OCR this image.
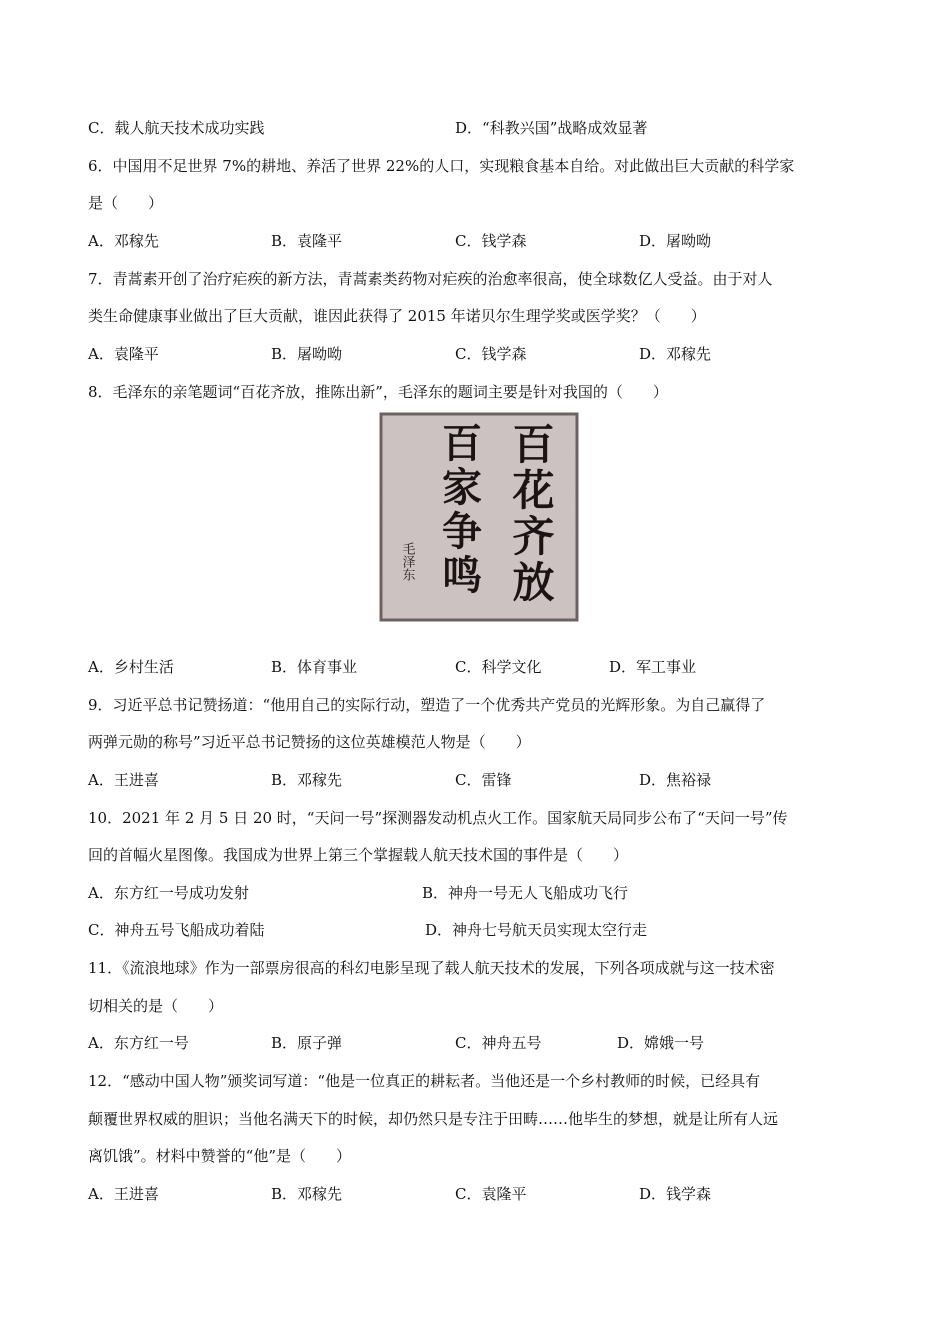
C．载人航天技术成功实践	D．“科教兴国”战略成效显著
6．中国用不足世界 7%的耕地、养活了世界 22%的人口，实现粮食基本自给。对此做出巨大贡献的科学家
是（　　）
A．邓稼先	B．袁隆平	C．钱学森	D．屠呦呦
7．青蒿素开创了治疗疟疾的新方法，青蒿素类药物对疟疾的治愈率很高，使全球数亿人受益。由于对人
类生命健康事业做出了巨大贡献，谁因此获得了 2015 年诺贝尔生理学奖或医学奖？（　　）
A．袁隆平	B．屠呦呦	C．钱学森	D．邓稼先
8．毛泽东的亲笔题词“百花齐放，推陈出新”，毛泽东的题词主要是针对我国的（　　）
百花齐放
百家争鸣
毛泽东
A．乡村生活	B．体育事业	C．科学文化	D．军工事业
9．习近平总书记赞扬道：“他用自己的实际行动，塑造了一个优秀共产党员的光辉形象。为自己赢得了
两弹元勋的称号”习近平总书记赞扬的这位英雄模范人物是（　　）
A．王进喜	B．邓稼先	C．雷锋	D．焦裕禄
10．2021 年 2 月 5 日 20 时，“天问一号”探测器发动机点火工作。国家航天局同步公布了“天问一号”传
回的首幅火星图像。我国成为世界上第三个掌握载人航天技术国的事件是（　　）
A．东方红一号成功发射	B．神舟一号无人飞船成功飞行
C．神舟五号飞船成功着陆	D．神舟七号航天员实现太空行走
11．《流浪地球》作为一部票房很高的科幻电影呈现了载人航天技术的发展，下列各项成就与这一技术密
切相关的是（　　）
A．东方红一号	B．原子弹	C．神舟五号	D．嫦娥一号
12．“感动中国人物”颁奖词写道：“他是一位真正的耕耘者。当他还是一个乡村教师的时候，已经具有
颠覆世界权威的胆识；当他名满天下的时候，却仍然只是专注于田畴……他毕生的梦想，就是让所有人远
离饥饿”。材料中赞誉的“他”是（　　）
A．王进喜	B．邓稼先	C．袁隆平	D．钱学森
